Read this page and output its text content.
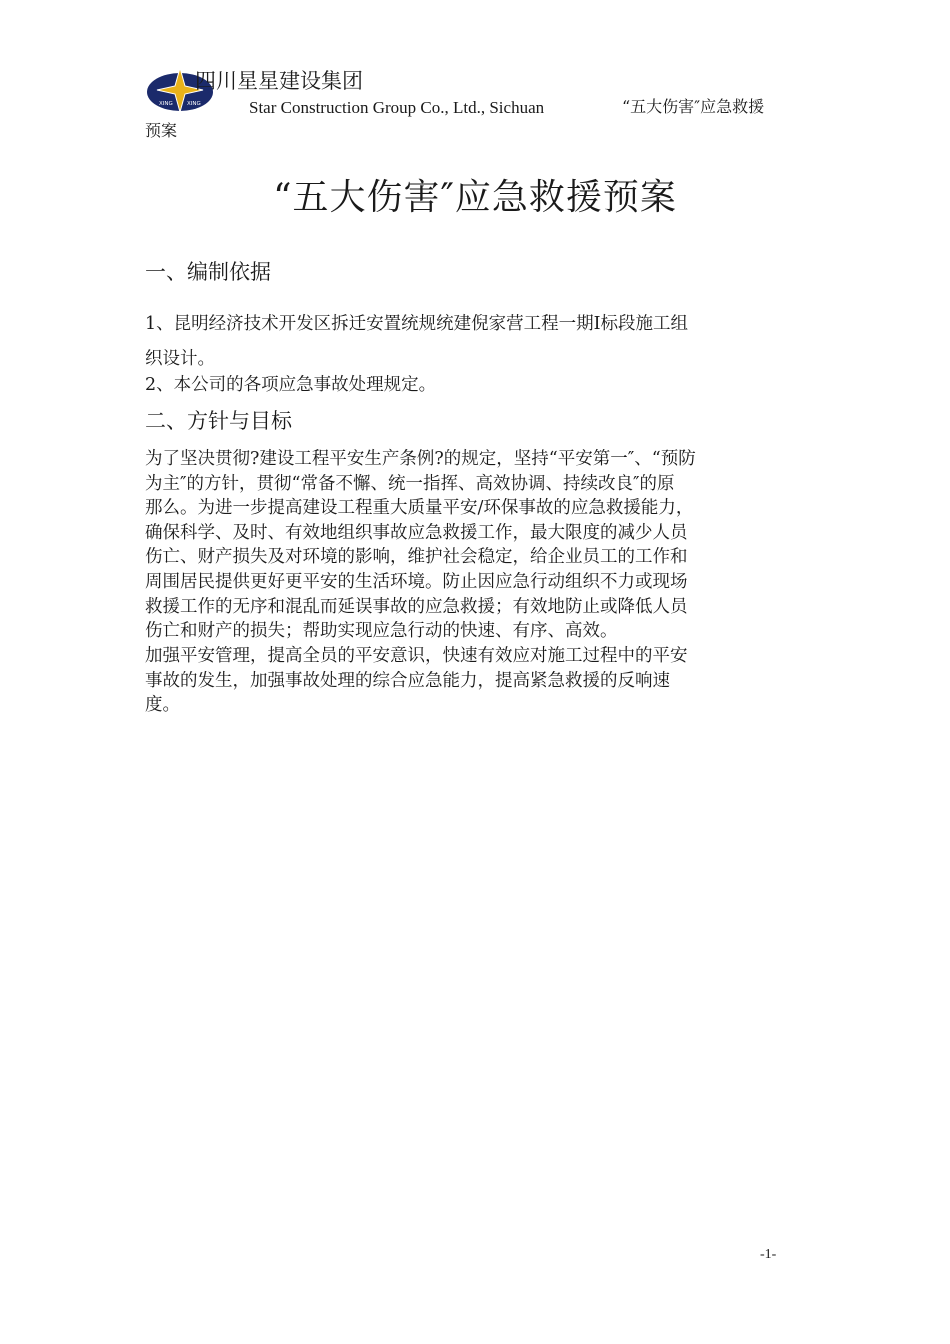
XING	XING
四川星星建设集团
Star Construction Group Co., Ltd., Sichuan	“五大伤害″应急救援
预案
“五大伤害″应急救援预案
一、编制依据
1、昆明经济技术开发区拆迁安置统规统建倪家营工程一期Ⅰ标段施工组
织设计。
2、本公司的各项应急事故处理规定。
二、方针与目标
为了坚决贯彻?建设工程平安生产条例?的规定，坚持“平安第一″、“预防
为主″的方针，贯彻“常备不懈、统一指挥、高效协调、持续改良″的原
那么。为进一步提高建设工程重大质量平安/环保事故的应急救援能力，
确保科学、及时、有效地组织事故应急救援工作，最大限度的减少人员
伤亡、财产损失及对环境的影响，维护社会稳定，给企业员工的工作和
周围居民提供更好更平安的生活环境。防止因应急行动组织不力或现场
救援工作的无序和混乱而延误事故的应急救援；有效地防止或降低人员
伤亡和财产的损失；帮助实现应急行动的快速、有序、高效。
加强平安管理，提高全员的平安意识，快速有效应对施工过程中的平安
事故的发生，加强事故处理的综合应急能力，提高紧急救援的反响速
度。
-1-
